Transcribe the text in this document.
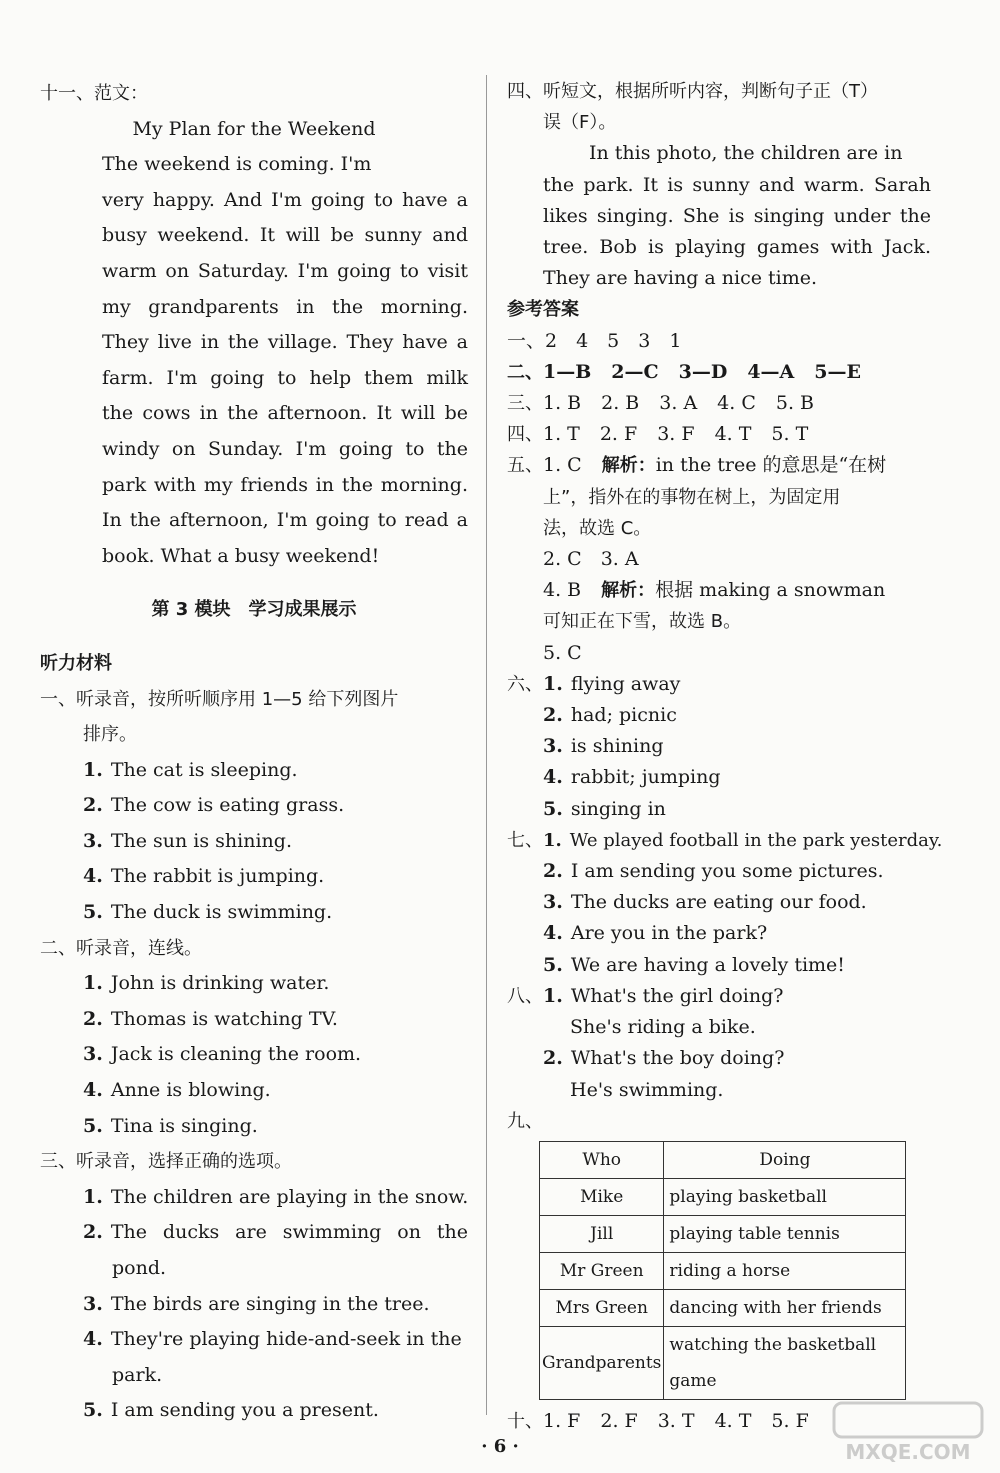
十一、范文：
My Plan for the Weekend
The weekend is coming. I'm
very happy. And I'm going to have a
busy weekend. It will be sunny and
warm on Saturday. I'm going to visit
my grandparents in the morning.
They live in the village. They have a
farm. I'm going to help them milk
the cows in the afternoon. It will be
windy on Sunday. I'm going to the
park with my friends in the morning.
In the afternoon, I'm going to read a
book. What a busy weekend!
第 3 模块　学习成果展示
听力材料
一、听录音，按所听顺序用 1—5 给下列图片
排序。
1. The cat is sleeping.
2. The cow is eating grass.
3. The sun is shining.
4. The rabbit is jumping.
5. The duck is swimming.
二、听录音，连线。
1. John is drinking water.
2. Thomas is watching TV.
3. Jack is cleaning the room.
4. Anne is blowing.
5. Tina is singing.
三、听录音，选择正确的选项。
1. The children are playing in the snow.
2. The ducks are swimming on the
pond.
3. The birds are singing in the tree.
4. They're playing hide-and-seek in the
park.
5. I am sending you a present.
四、听短文，根据所听内容，判断句子正（T）
误（F）。
In this photo, the children are in
the park. It is sunny and warm. Sarah
likes singing. She is singing under the
tree. Bob is playing games with Jack.
They are having a nice time.
参考答案
一、2　4　5　3　1
二、1—B 2—C 3—D 4—A 5—E
三、1. B 2. B 3. A 4. C 5. B
四、1. T 2. F 3. F 4. T 5. T
五、1. C 解析：in the tree 的意思是“在树
上”，指外在的事物在树上，为固定用
法，故选 C。
2. C　3. A
4. B 解析：根据 making a snowman
可知正在下雪，故选 B。
5. C
六、1. flying away
2. had; picnic
3. is shining
4. rabbit; jumping
5. singing in
七、1. We played football in the park yesterday.
2. I am sending you some pictures.
3. The ducks are eating our food.
4. Are you in the park?
5. We are having a lovely time!
八、1. What's the girl doing?
She's riding a bike.
2. What's the boy doing?
He's swimming.
九、
Who	Doing
Mike	playing basketball
Jill	playing table tennis
Mr Green	riding a horse
Mrs Green	dancing with her friends
Grandparents	watching the basketball game
十、1. F 2. F 3. T 4. T 5. F
· 6 ·	MXQE.COM
